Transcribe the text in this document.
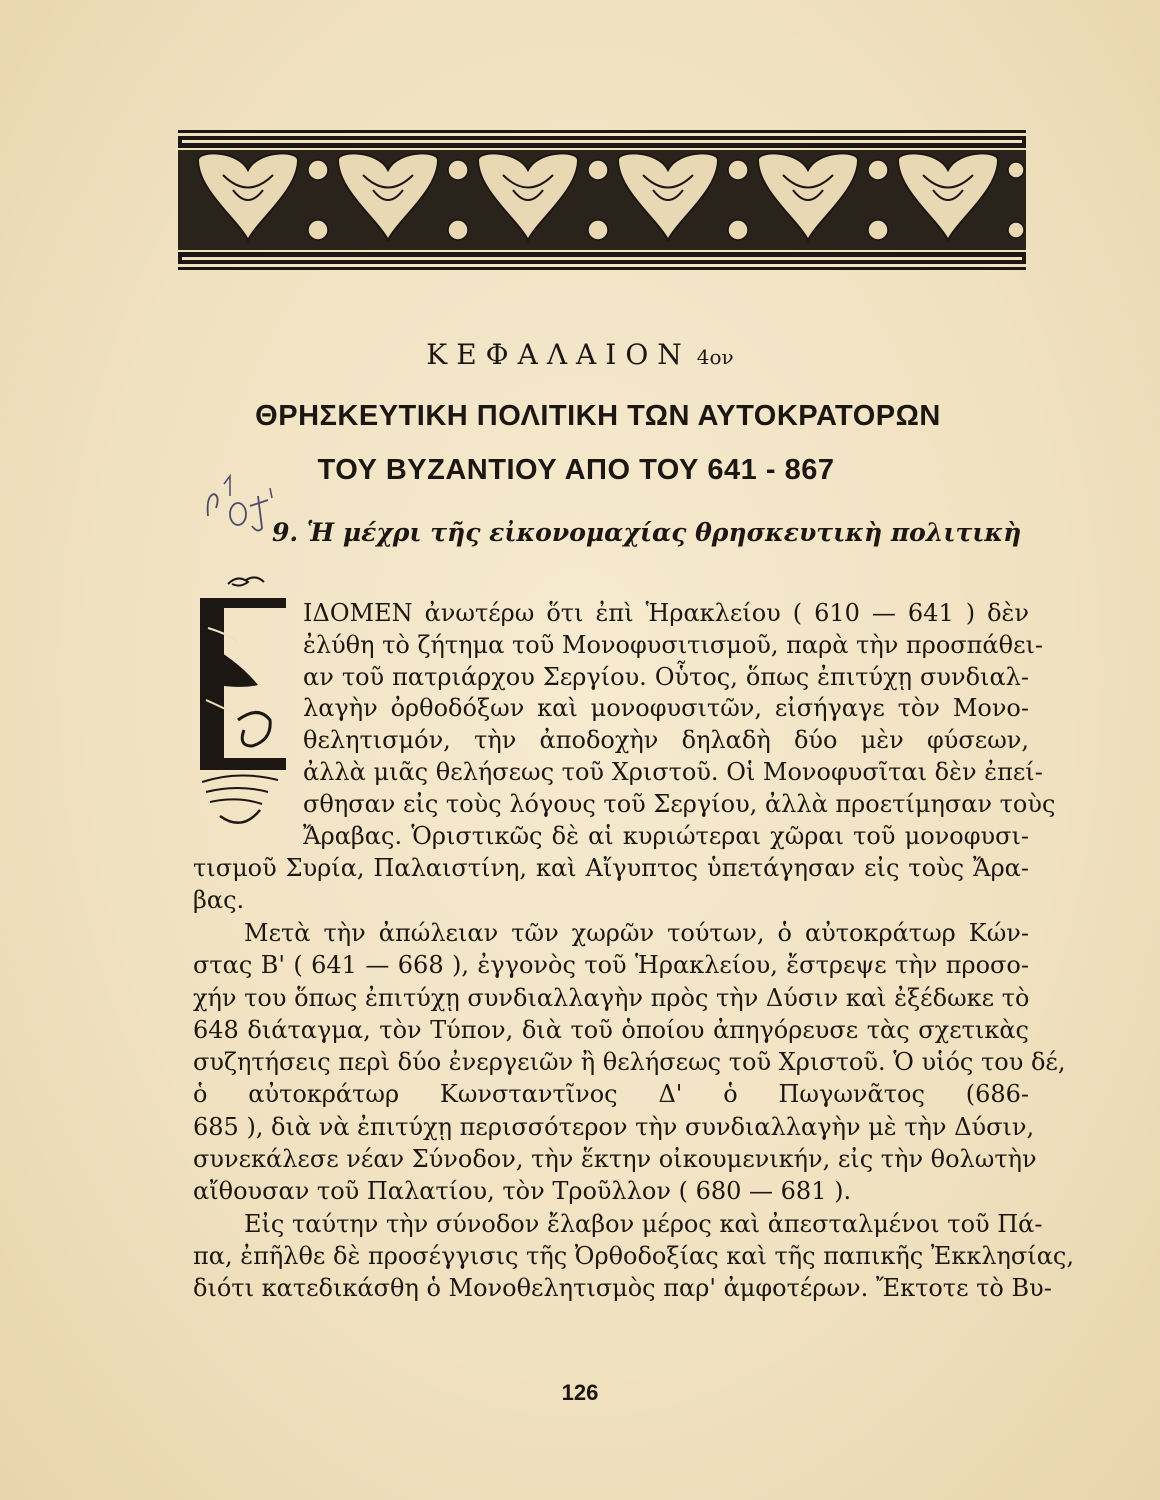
ΚΕΦΑΛΑΙΟΝ 4ον
ΘΡΗΣΚΕΥΤΙΚΗ ΠΟΛΙΤΙΚΗ ΤΩΝ ΑΥΤΟΚΡΑΤΟΡΩΝ
ΤΟΥ ΒΥΖΑΝΤΙΟΥ ΑΠΟ ΤΟΥ 641 - 867
9. Ἡ μέχρι τῆς εἰκονομαχίας θρησκευτικὴ πολιτικὴ
ΙΔΟΜΕΝ ἀνωτέρω ὅτι ἐπὶ Ἡρακλείου ( 610 — 641 ) δὲν
ἐλύθη τὸ ζήτημα τοῦ Μονοφυσιτισμοῦ, παρὰ τὴν προσπάθει-
αν τοῦ πατριάρχου Σεργίου. Οὗτος, ὅπως ἐπιτύχῃ συνδιαλ-
λαγὴν ὀρθοδόξων καὶ μονοφυσιτῶν, εἰσήγαγε τὸν Μονο-
θελητισμόν, τὴν ἀποδοχὴν δηλαδὴ δύο μὲν φύσεων,
ἀλλὰ μιᾶς θελήσεως τοῦ Χριστοῦ. Οἱ Μονοφυσῖται δὲν ἐπεί-
σθησαν εἰς τοὺς λόγους τοῦ Σεργίου, ἀλλὰ προετίμησαν τοὺς
Ἄραβας. Ὁριστικῶς δὲ αἱ κυριώτεραι χῶραι τοῦ μονοφυσι-
τισμοῦ Συρία, Παλαιστίνη, καὶ Αἴγυπτος ὑπετάγησαν εἰς τοὺς Ἄρα-
βας.
Μετὰ τὴν ἀπώλειαν τῶν χωρῶν τούτων, ὁ αὐτοκράτωρ Κών-
στας Β' ( 641 — 668 ), ἐγγονὸς τοῦ Ἡρακλείου, ἔστρεψε τὴν προσο-
χήν του ὅπως ἐπιτύχῃ συνδιαλλαγὴν πρὸς τὴν Δύσιν καὶ ἐξέδωκε τὸ
648 διάταγμα, τὸν Τύπον, διὰ τοῦ ὁποίου ἀπηγόρευσε τὰς σχετικὰς
συζητήσεις περὶ δύο ἐνεργειῶν ἢ θελήσεως τοῦ Χριστοῦ. Ὁ υἱός του δέ,
ὁ αὐτοκράτωρ Κωνσταντῖνος Δ' ὁ Πωγωνᾶτος (686-
685 ), διὰ νὰ ἐπιτύχῃ περισσότερον τὴν συνδιαλλαγὴν μὲ τὴν Δύσιν,
συνεκάλεσε νέαν Σύνοδον, τὴν ἕκτην οἰκουμενικήν, εἰς τὴν θολωτὴν
αἴθουσαν τοῦ Παλατίου, τὸν Τροῦλλον ( 680 — 681 ).
Εἰς ταύτην τὴν σύνοδον ἔλαβον μέρος καὶ ἀπεσταλμένοι τοῦ Πά-
πα, ἐπῆλθε δὲ προσέγγισις τῆς Ὀρθοδοξίας καὶ τῆς παπικῆς Ἐκκλησίας,
διότι κατεδικάσθη ὁ Μονοθελητισμὸς παρ' ἀμφοτέρων. Ἔκτοτε τὸ Βυ-
126
